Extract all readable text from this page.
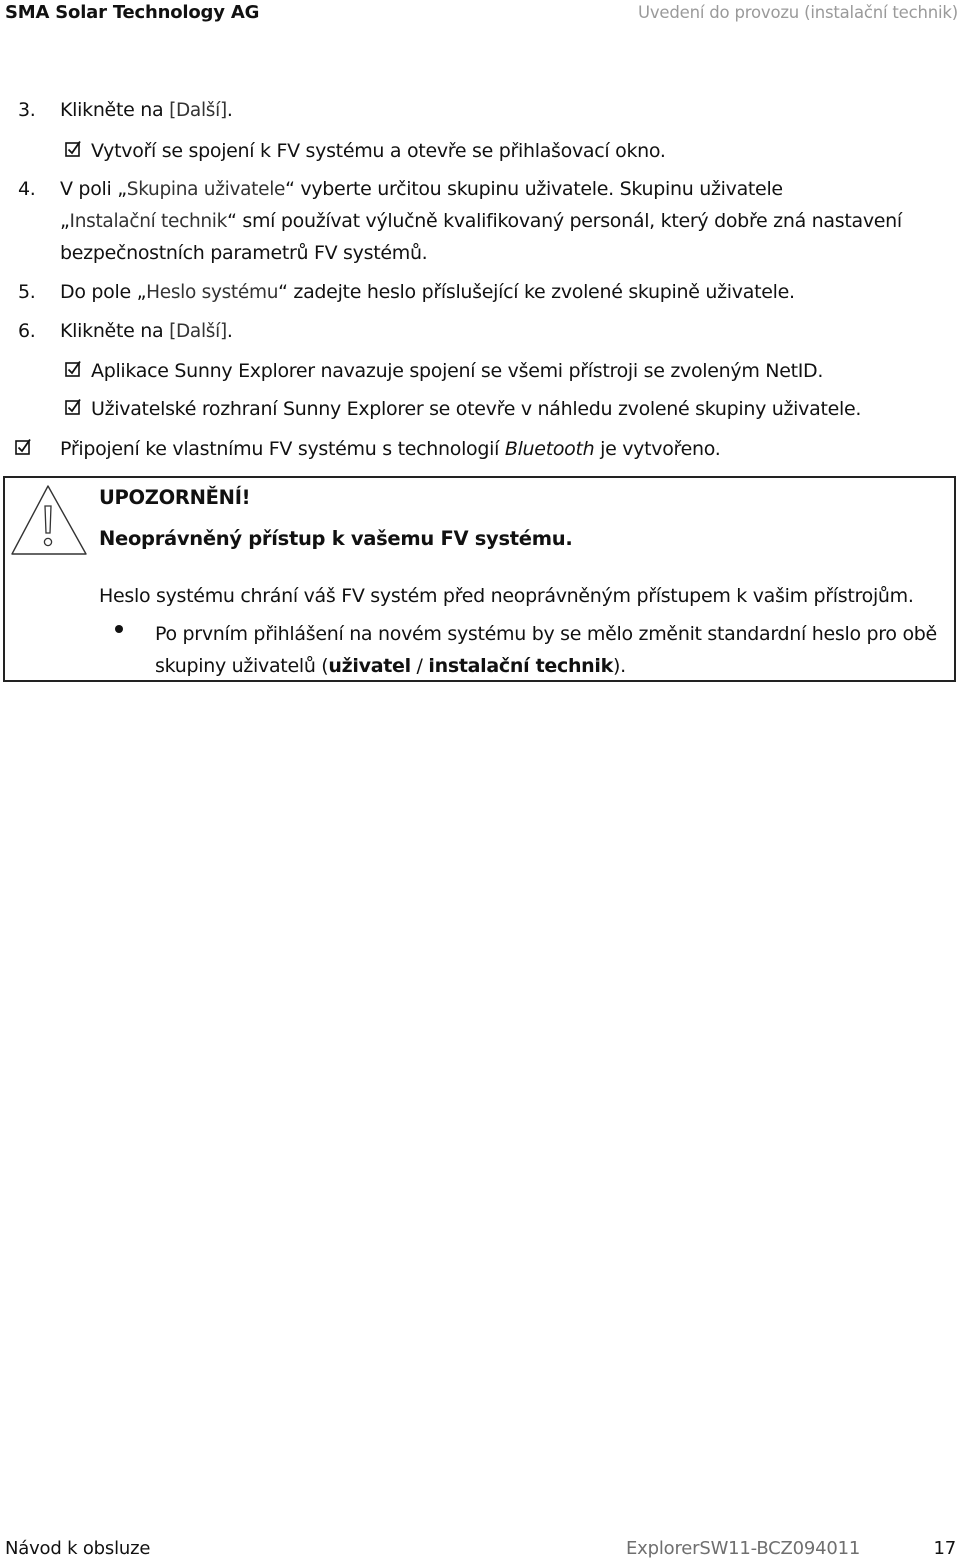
SMA Solar Technology AG	Uvedení do provozu (instalační technik)
3. Klikněte na [Další].
Vytvoří se spojení k FV systému a otevře se přihlašovací okno.
4. V poli „Skupina uživatele“ vyberte určitou skupinu uživatele. Skupinu uživatele
„Instalační technik“ smí používat výlučně kvalifikovaný personál, který dobře zná nastavení
bezpečnostních parametrů FV systémů.
5. Do pole „Heslo systému“ zadejte heslo příslušející ke zvolené skupině uživatele.
6. Klikněte na [Další].
Aplikace Sunny Explorer navazuje spojení se všemi přístroji se zvoleným NetID.
Uživatelské rozhraní Sunny Explorer se otevře v náhledu zvolené skupiny uživatele.
Připojení ke vlastnímu FV systému s technologií Bluetooth je vytvořeno.
UPOZORNĚNÍ!
Neoprávněný přístup k vašemu FV systému.
Heslo systému chrání váš FV systém před neoprávněným přístupem k vašim přístrojům.
Po prvním přihlášení na novém systému by se mělo změnit standardní heslo pro obě
skupiny uživatelů (uživatel / instalační technik).
Návod k obsluze	ExplorerSW11-BCZ094011	17
